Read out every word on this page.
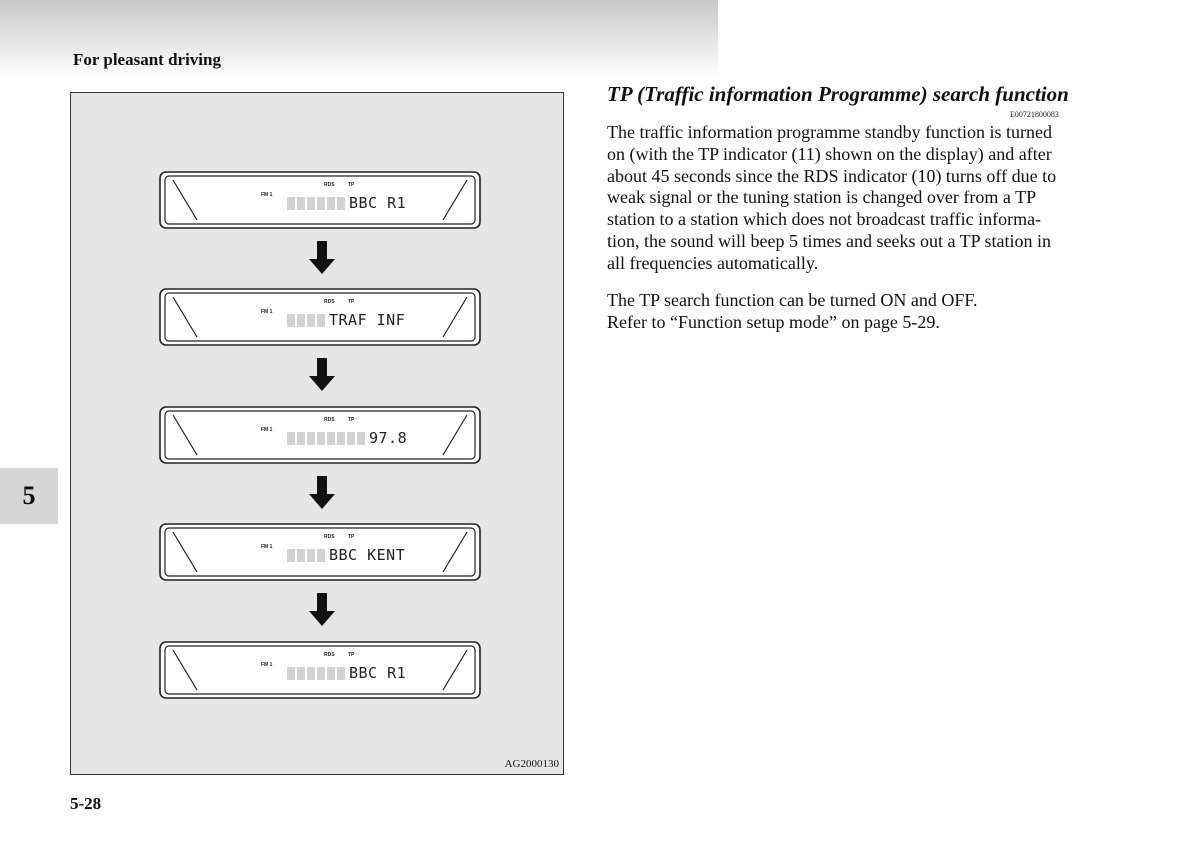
For pleasant driving
5
5-28
FM 1
RDS	TP
BBC R1
FM 1
RDS	TP
TRAF INF
FM 1
RDS	TP
97.8
FM 1
RDS	TP
BBC KENT
FM 1
RDS	TP
BBC R1
AG2000130
TP (Traffic information Programme) search function
E00721800083

The traffic information programme standby function is turned

on (with the TP indicator (11) shown on the display) and after

about 45 seconds since the RDS indicator (10) turns off due to

weak signal or the tuning station is changed over from a TP

station to a station which does not broadcast traffic informa-

tion, the sound will beep 5 times and seeks out a TP station in

all frequencies automatically.

The TP search function can be turned ON and OFF.
Refer to “Function setup mode” on page 5-29.
